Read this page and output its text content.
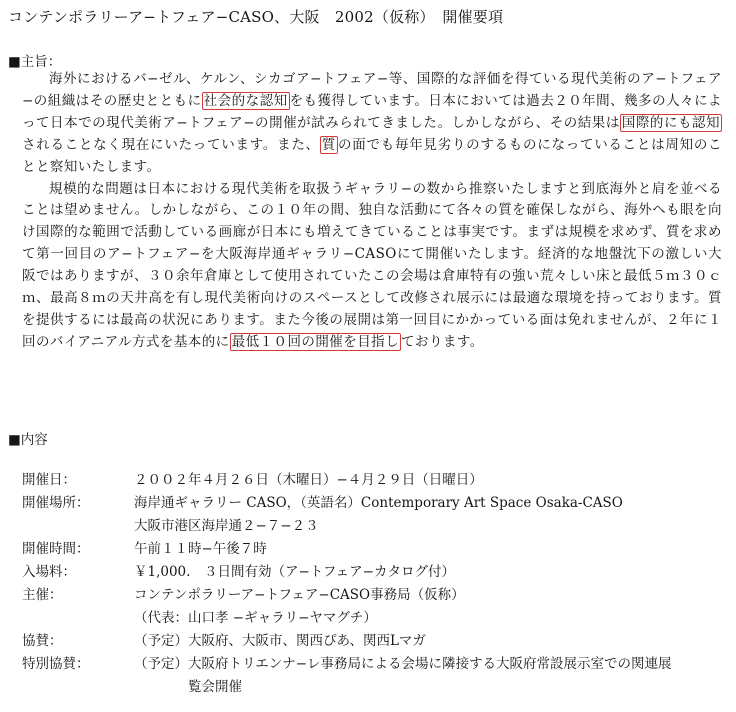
コンテンポラリーア−トフェア−CASO、大阪　2002（仮称）　開催要項
■主旨：

海外におけるバ−ゼル、ケルン、シカゴア−トフェア−等、国際的な評価を得ている現代美術のア−トフェア−の組織はその歴史とともに 社会的な認知 をも獲得しています。日本においては過去２０年間、幾多の人々によって日本での現代美術ア−トフェア−の開催が試みられてきました。しかしながら、その結果は 国際的にも認知されることなく現在にいたっています。また、 質 の面でも毎年見劣りのするものになっていることは周知のことと察知いたします。

規模的な問題は日本における現代美術を取扱うギャラリ−の数から推察いたしますと到底海外と肩を並べることは望めません。しかしながら、この１０年の間、独自な活動にて各々の質を確保しながら、海外へも眼を向け国際的な範囲で活動している画廊が日本にも増えてきていることは事実です。まずは規模を求めず、質を求めて第一回目のア−トフェア−を大阪海岸通ギャラリ−CASOにて開催いたします。経済的な地盤沈下の激しい大阪ではありますが、３０余年倉庫として使用されていたこの会場は倉庫特有の強い荒々しい床と最低５ｍ３０ｃｍ、最高８ｍの天井高を有し現代美術向けのスペースとして改修され展示には最適な環境を持っております。質を提供するには最高の状況にあります。また今後の展開は第一回目にかかっている面は免れませんが、２年に１回のバイアニアル方式を基本的に 最低１０回の開催を目指し ております。

■内容
開催日：	２００２年４月２６日（木曜日）−４月２９日（日曜日）
開催場所：	海岸通ギャラリー CASO，（英語名）Contemporary Art Space Osaka-CASO
大阪市港区海岸通２−７−２３
開催時間：	午前１１時−午後７時
入場料：	￥1,000.　３日間有効（ア−トフェア−カタログ付）
主催：	コンテンポラリーア−トフェア−CASO事務局（仮称）
（代表：山口孝 −ギャラリ−ヤマグチ）
協賛：	（予定）大阪府、大阪市、関西ぴあ、関西Lマガ
特別協賛：	（予定）大阪府トリエンナ−レ事務局による会場に隣接する大阪府常設展示室での関連展
　　　　覧会開催
